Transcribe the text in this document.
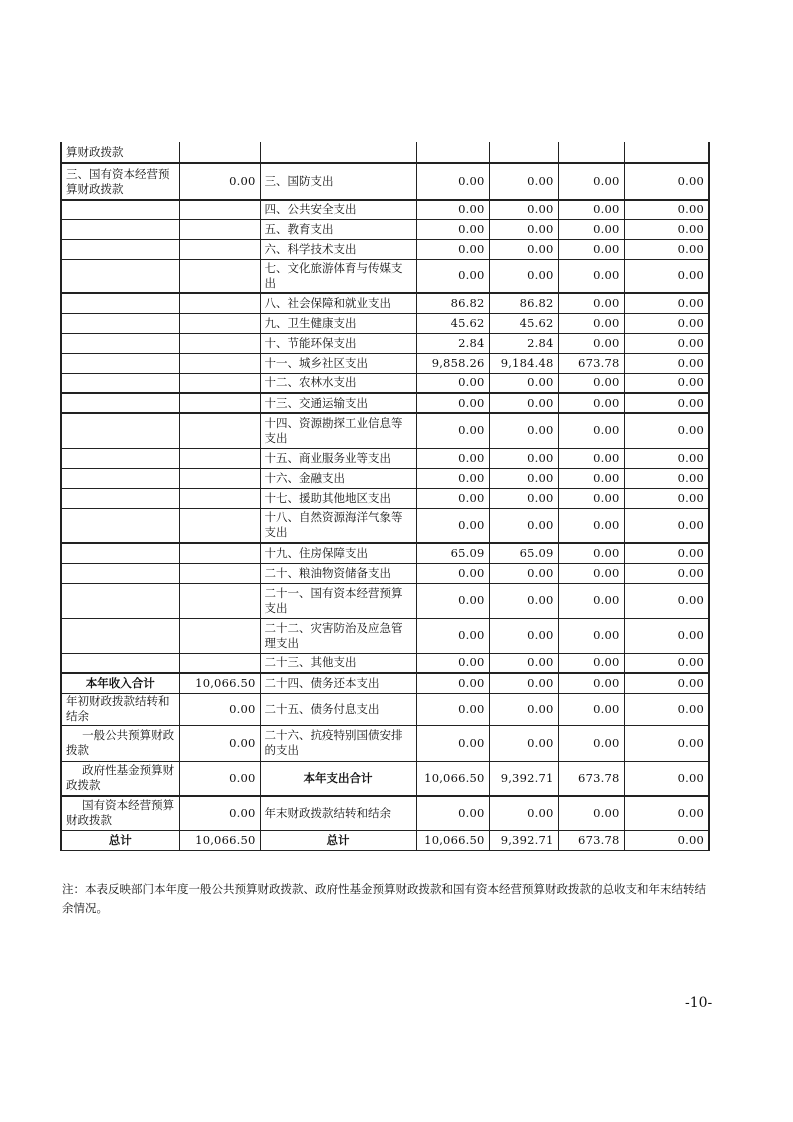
算财政拨款						
三、国有资本经营预算财政拨款	0.00	三、国防支出	0.00	0.00	0.00	0.00
		四、公共安全支出	0.00	0.00	0.00	0.00
		五、教育支出	0.00	0.00	0.00	0.00
		六、科学技术支出	0.00	0.00	0.00	0.00
		七、文化旅游体育与传媒支出	0.00	0.00	0.00	0.00
		八、社会保障和就业支出	86.82	86.82	0.00	0.00
		九、卫生健康支出	45.62	45.62	0.00	0.00
		十、节能环保支出	2.84	2.84	0.00	0.00
		十一、城乡社区支出	9,858.26	9,184.48	673.78	0.00
		十二、农林水支出	0.00	0.00	0.00	0.00
		十三、交通运输支出	0.00	0.00	0.00	0.00
		十四、资源勘探工业信息等支出	0.00	0.00	0.00	0.00
		十五、商业服务业等支出	0.00	0.00	0.00	0.00
		十六、金融支出	0.00	0.00	0.00	0.00
		十七、援助其他地区支出	0.00	0.00	0.00	0.00
		十八、自然资源海洋气象等支出	0.00	0.00	0.00	0.00
		十九、住房保障支出	65.09	65.09	0.00	0.00
		二十、粮油物资储备支出	0.00	0.00	0.00	0.00
		二十一、国有资本经营预算支出	0.00	0.00	0.00	0.00
		二十二、灾害防治及应急管理支出	0.00	0.00	0.00	0.00
		二十三、其他支出	0.00	0.00	0.00	0.00
本年收入合计	10,066.50	二十四、债务还本支出	0.00	0.00	0.00	0.00
年初财政拨款结转和结余	0.00	二十五、债务付息支出	0.00	0.00	0.00	0.00
一般公共预算财政拨款	0.00	二十六、抗疫特别国债安排的支出	0.00	0.00	0.00	0.00
政府性基金预算财政拨款	0.00	本年支出合计	10,066.50	9,392.71	673.78	0.00
国有资本经营预算财政拨款	0.00	年末财政拨款结转和结余	0.00	0.00	0.00	0.00
总计	10,066.50	总计	10,066.50	9,392.71	673.78	0.00
注：本表反映部门本年度一般公共预算财政拨款、政府性基金预算财政拨款和国有资本经营预算财政拨款的总收支和年末结转结余情况。
-10-
